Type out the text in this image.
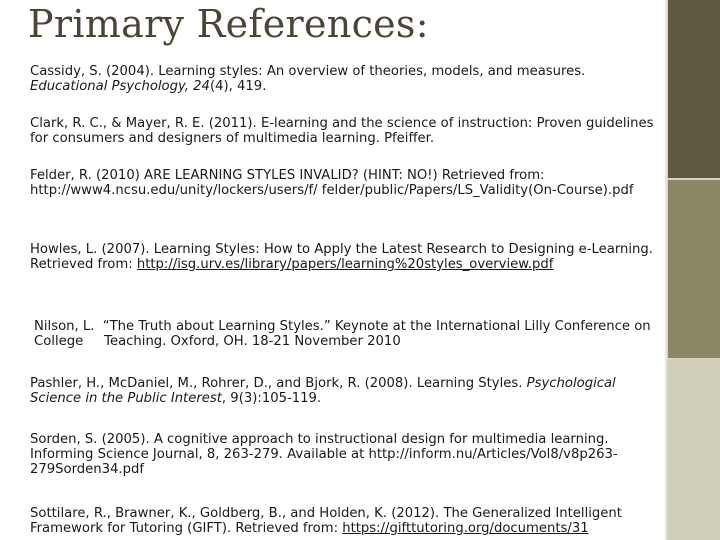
Primary References:
Cassidy, S. (2004). Learning styles: An overview of theories, models, and measures. Educational Psychology, 24(4), 419.
Clark, R. C., & Mayer, R. E. (2011). E-learning and the science of instruction: Proven guidelines for consumers and designers of multimedia learning. Pfeiffer.
Felder, R. (2010) ARE LEARNING STYLES INVALID? (HINT: NO!) Retrieved from: http://www4.ncsu.edu/unity/lockers/users/f/ felder/public/Papers/LS_Validity(On-Course).pdf
Howles, L. (2007). Learning Styles: How to Apply the Latest Research to Designing e-Learning. Retrieved from: http://isg.urv.es/library/papers/learning%20styles_overview.pdf
Nilson, L.  “The Truth about Learning Styles.” Keynote at the International Lilly Conference on  College     Teaching. Oxford, OH. 18-21 November 2010
Pashler, H., McDaniel, M., Rohrer, D., and Bjork, R. (2008). Learning Styles. Psychological Science in the Public Interest, 9(3):105-119.
Sorden, S. (2005). A cognitive approach to instructional design for multimedia learning. Informing Science Journal, 8, 263-279. Available at http://inform.nu/Articles/Vol8/v8p263-279Sorden34.pdf
Sottilare, R., Brawner, K., Goldberg, B., and Holden, K. (2012). The Generalized Intelligent Framework for Tutoring (GIFT). Retrieved from: https://gifttutoring.org/documents/31
